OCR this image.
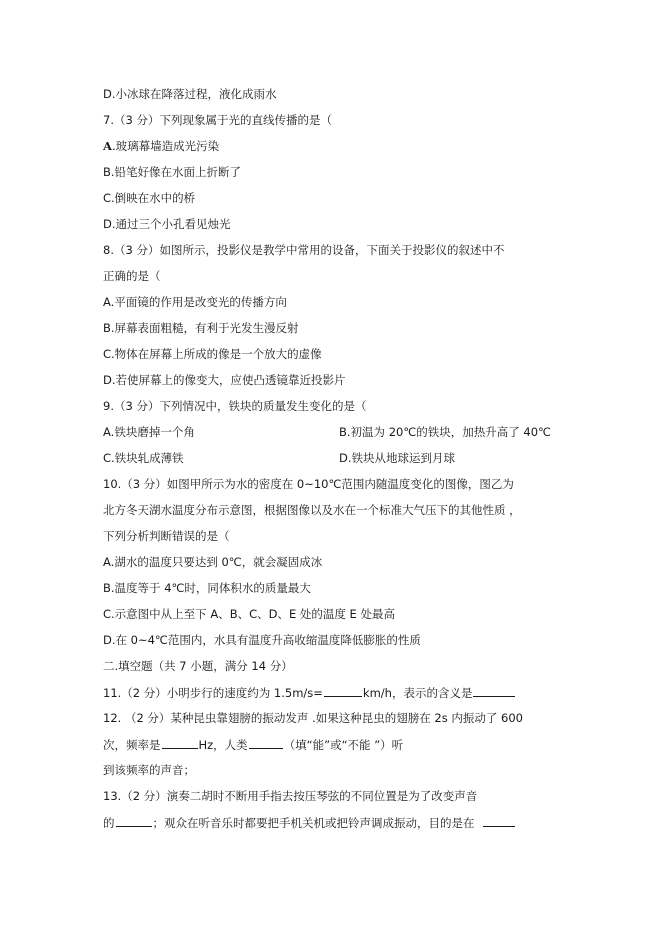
D.小冰球在降落过程，液化成雨水
7.（3 分）下列现象属于光的直线传播的是（
A.玻璃幕墙造成光污染
B.铅笔好像在水面上折断了
C.倒映在水中的桥
D.通过三个小孔看见烛光
8.（3 分）如图所示，投影仪是教学中常用的设备，下面关于投影仪的叙述中不
正确的是（
A.平面镜的作用是改变光的传播方向
B.屏幕表面粗糙，有利于光发生漫反射
C.物体在屏幕上所成的像是一个放大的虚像
D.若使屏幕上的像变大，应使凸透镜靠近投影片
9.（3 分）下列情况中，铁块的质量发生变化的是（
A.铁块磨掉一个角	B.初温为 20℃的铁块，加热升高了 40℃
C.铁块轧成薄铁	D.铁块从地球运到月球
10.（3 分）如图甲所示为水的密度在 0~10℃范围内随温度变化的图像，图乙为
北方冬天湖水温度分布示意图，根据图像以及水在一个标准大气压下的其他性质 ，
下列分析判断错误的是（
A.湖水的温度只要达到 0℃，就会凝固成冰
B.温度等于 4℃时，同体积水的质量最大
C.示意图中从上至下 A、B、C、D、E 处的温度 E 处最高
D.在 0~4℃范围内，水具有温度升高收缩温度降低膨胀的性质
二.填空题（共 7 小题，满分 14 分）
11.（2 分）小明步行的速度约为 1.5m/s=	km/h，表示的含义是
12. （2 分）某种昆虫靠翅膀的振动发声 .如果这种昆虫的翅膀在 2s 内振动了 600
次，频率是	Hz，人类	（填“能”或“不能 ”）听
到该频率的声音；
13.（2 分）演奏二胡时不断用手指去按压琴弦的不同位置是为了改变声音
的	；观众在听音乐时都要把手机关机或把铃声调成振动，目的是在
